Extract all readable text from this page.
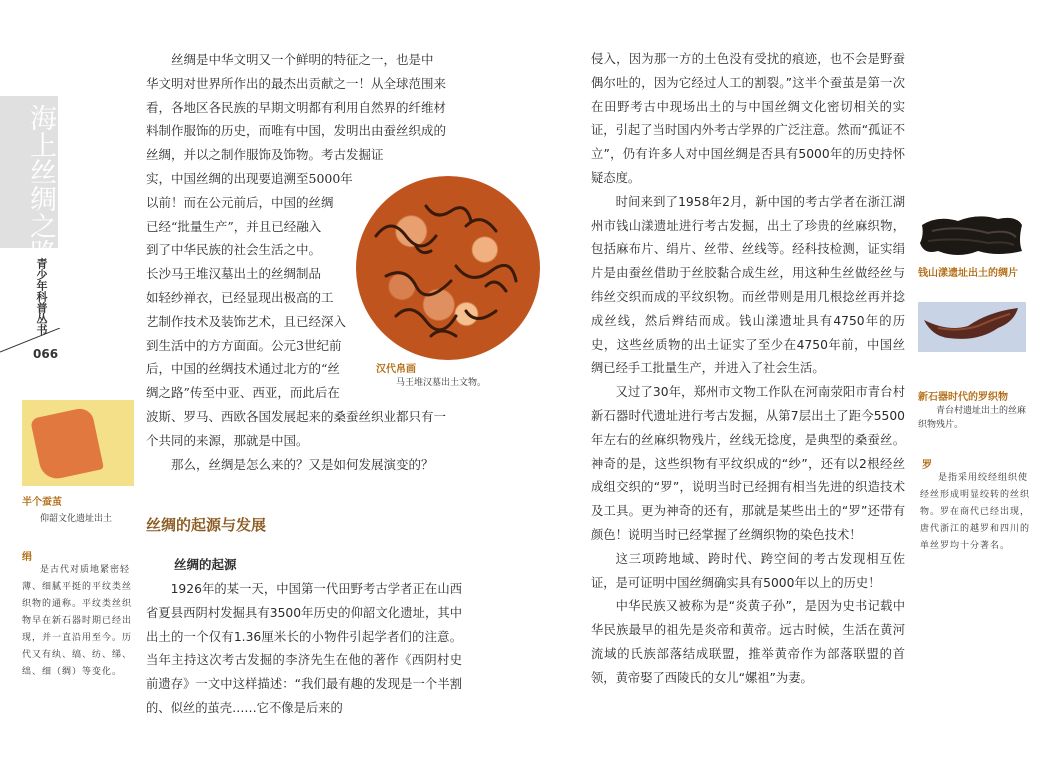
海上丝绸之路
青少年科普丛书
066

丝绸是中华文明又一个鲜明的特征之一，也是中

华文明对世界所作出的最杰出贡献之一！从全球范围来

看，各地区各民族的早期文明都有利用自然界的纤维材

料制作服饰的历史，而唯有中国，发明出由蚕丝织成的

丝绸，并以之制作服饰及饰物。考古发掘证

实，中国丝绸的出现要追溯至5000年

以前！而在公元前后，中国的丝绸

已经“批量生产”，并且已经融入

到了中华民族的社会生活之中。

长沙马王堆汉墓出土的丝绸制品

如轻纱禅衣，已经显现出极高的工

艺制作技术及装饰艺术，且已经深入

到生活中的方方面面。公元3世纪前

后，中国的丝绸技术通过北方的“丝

绸之路”传至中亚、西亚，而此后在

波斯、罗马、西欧各国发展起来的桑蚕丝织业都只有一

个共同的来源，那就是中国。

那么，丝绸是怎么来的？又是如何发展演变的？

汉代帛画
马王堆汉墓出土文物。
半个蚕茧
仰韶文化遗址出土
绢
是古代对质地紧密轻薄、细腻平挺的平纹类丝织物的通称。平纹类丝织物早在新石器时期已经出现，并一直沿用至今。历代又有纨、缟、纺、绨、绌、细（绸）等变化。
丝绸的起源与发展
丝绸的起源

1926年的某一天，中国第一代田野考古学者正在山西省夏县西阴村发掘具有3500年历史的仰韶文化遗址，其中出土的一个仅有1.36厘米长的小物件引起学者们的注意。当年主持这次考古发掘的李济先生在他的著作《西阴村史前遗存》一文中这样描述：“我们最有趣的发现是一个半割的、似丝的茧壳……它不像是后来的

侵入，因为那一方的土色没有受扰的痕迹，也不会是野蚕偶尔吐的，因为它经过人工的割裂。”这半个蚕茧是第一次在田野考古中现场出土的与中国丝绸文化密切相关的实证，引起了当时国内外考古学界的广泛注意。然而“孤证不立”，仍有许多人对中国丝绸是否具有5000年的历史持怀疑态度。

时间来到了1958年2月，新中国的考古学者在浙江湖州市钱山漾遗址进行考古发掘，出土了珍贵的丝麻织物，包括麻布片、绢片、丝带、丝线等。经科技检测，证实绢片是由蚕丝借助于丝胶黏合成生丝，用这种生丝做经丝与纬丝交织而成的平纹织物。而丝带则是用几根捻丝再并捻成丝线，然后辫结而成。钱山漾遗址具有4750年的历史，这些丝质物的出土证实了至少在4750年前，中国丝绸已经手工批量生产，并进入了社会生活。

又过了30年，郑州市文物工作队在河南荥阳市青台村新石器时代遗址进行考古发掘，从第7层出土了距今5500年左右的丝麻织物残片，丝线无捻度，是典型的桑蚕丝。神奇的是，这些织物有平纹织成的“纱”，还有以2根经丝成组交织的“罗”，说明当时已经拥有相当先进的织造技术及工具。更为神奇的还有，那就是某些出土的“罗”还带有颜色！说明当时已经掌握了丝绸织物的染色技术！

这三项跨地域、跨时代、跨空间的考古发现相互佐证，是可证明中国丝绸确实具有5000年以上的历史！

中华民族又被称为是“炎黄子孙”，是因为史书记载中华民族最早的祖先是炎帝和黄帝。远古时候，生活在黄河流域的氏族部落结成联盟，推举黄帝作为部落联盟的首领，黄帝娶了西陵氏的女儿“嫘祖”为妻。

钱山漾遗址出土的绸片
新石器时代的罗织物
青台村遗址出土的丝麻织物残片。
罗
是指采用绞经组织使经丝形成明显绞转的丝织物。罗在商代已经出现，唐代浙江的越罗和四川的单丝罗均十分著名。
